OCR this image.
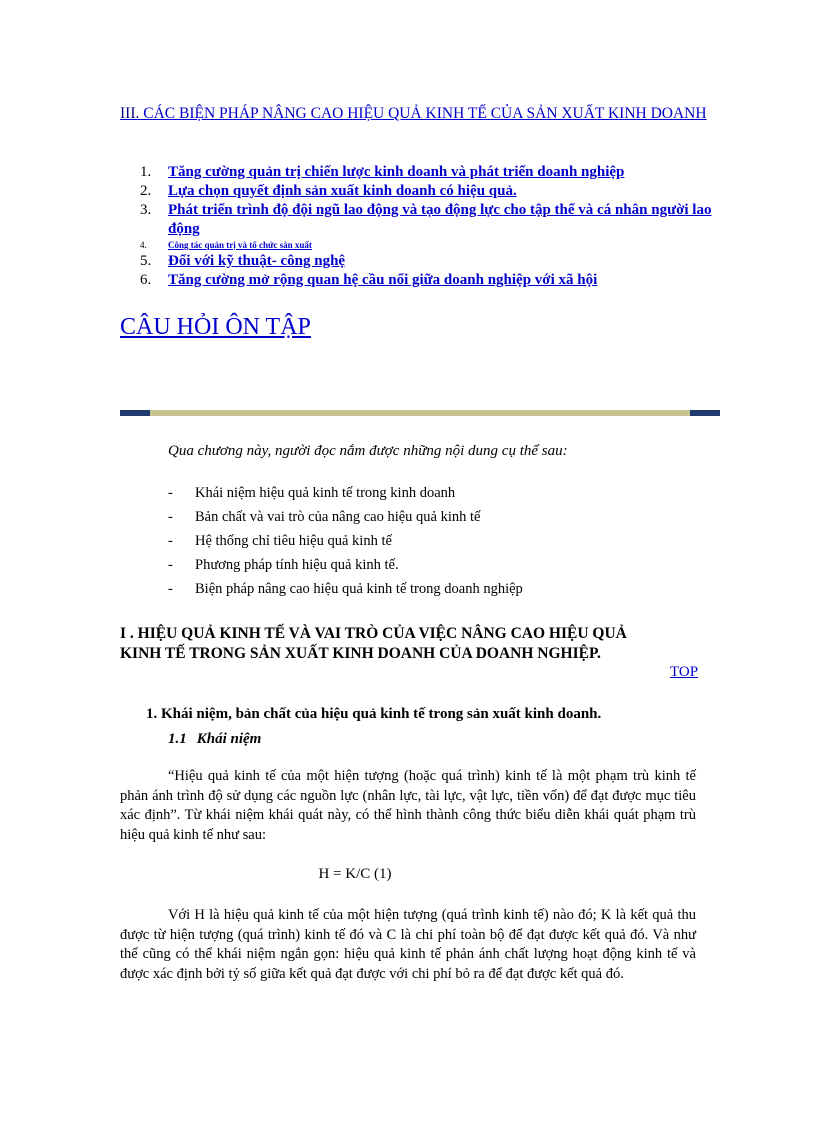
III. CÁC BIỆN PHÁP NÂNG CAO HIỆU QUẢ KINH TẾ CỦA SẢN XUẤT KINH DOANH
1. Tăng cường quản trị chiến lược kinh doanh và phát triển doanh nghiệp
2. Lựa chọn quyết định sản xuất kinh doanh có hiệu quả.
3. Phát triển trình độ đội ngũ lao động và tạo động lực cho tập thể và cá nhân người lao động
4. Công tác quản trị và tổ chức sản xuất
5. Đổi với kỹ thuật- công nghệ
6. Tăng cường mở rộng quan hệ cầu nối giữa doanh nghiệp với xã hội
CÂU HỎI ÔN TẬP
Qua chương này, người đọc nắm được những nội dung cụ thể sau:
- Khái niệm hiệu quả kinh tế trong kinh doanh
- Bản chất và vai trò của nâng cao hiệu quả kinh tế
- Hệ thống chỉ tiêu hiệu quả kinh tế
- Phương pháp tính hiệu quả kinh tế.
- Biện pháp nâng cao hiệu quả kinh tế trong doanh nghiệp
I . HIỆU QUẢ KINH TẾ VÀ VAI TRÒ CỦA VIỆC NÂNG CAO HIỆU QUẢ KINH TẾ TRONG SẢN XUẤT KINH DOANH CỦA DOANH NGHIỆP.
TOP
1. Khái niệm, bản chất của hiệu quả kinh tế trong sản xuất kinh doanh.
1.1 Khái niệm
“Hiệu quả kinh tế của một hiện tượng (hoặc quá trình) kinh tế là một phạm trù kinh tế phản ánh trình độ sử dụng các nguồn lực (nhân lực, tài lực, vật lực, tiền vốn) để đạt được mục tiêu xác định”. Từ khái niệm khái quát này, có thể hình thành công thức biểu diễn khái quát phạm trù hiệu quả kinh tế như sau:
H = K/C (1)
Với H là hiệu quả kinh tế của một hiện tượng (quá trình kinh tế) nào đó; K là kết quả thu được từ hiện tượng (quá trình) kinh tế đó và C là chi phí toàn bộ để đạt được kết quả đó. Và như thế cũng có thể khái niệm ngắn gọn: hiệu quả kinh tế phản ánh chất lượng hoạt động kinh tế và được xác định bởi tỷ số giữa kết quả đạt được với chi phí bỏ ra để đạt được kết quả đó.
